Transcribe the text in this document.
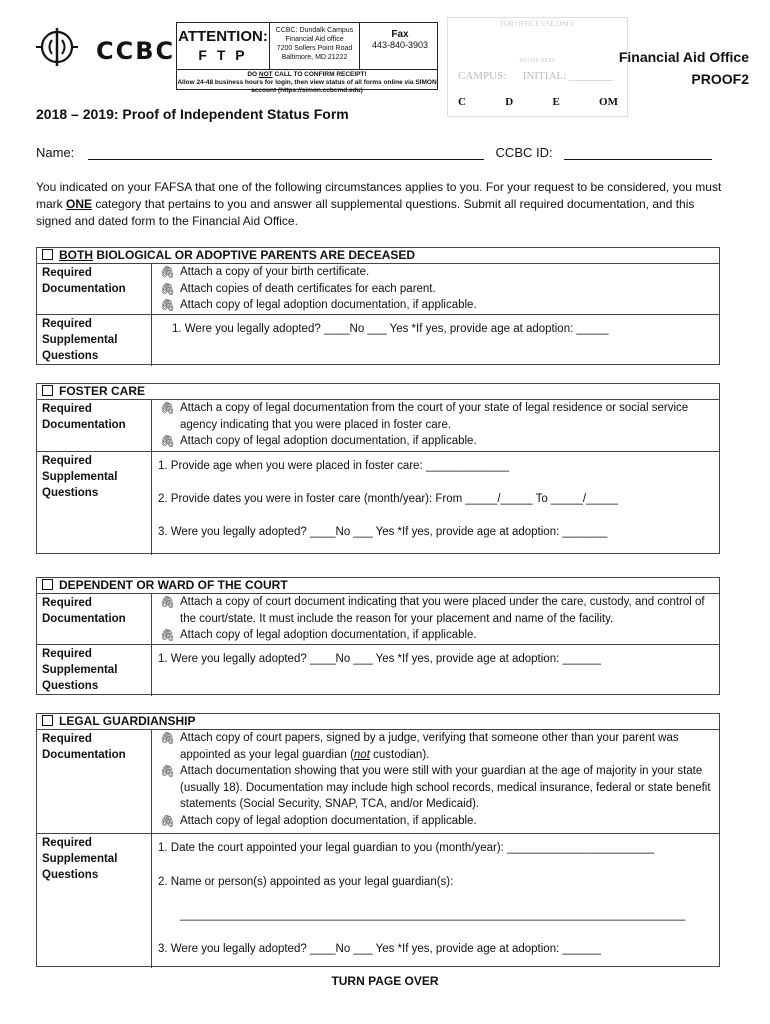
CCBC
ATTENTION:
F T P
CCBC: Dundalk Campus
Financial Aid office
7200 Sollers Point Road
Baltimore, MD 21222
Fax
443-840-3903
DO NOT CALL TO CONFIRM RECEIPT!
Allow 24-48 business hours for login, then view status of all forms online via SIMON account (https://simon.ccbcmd.edu)
FOR OFFICE USE ONLY
STAMP HERE
CAMPUS: INITIAL: ________
C	D	E	OM
Financial Aid Office
PROOF2
2018 – 2019: Proof of Independent Status Form
Name:	CCBC ID:
You indicated on your FAFSA that one of the following circumstances applies to you. For your request to be considered, you must mark ONE category that pertains to you and answer all supplemental questions. Submit all required documentation, and this signed and dated form to the Financial Aid Office.
BOTH BIOLOGICAL OR ADOPTIVE PARENTS ARE DECEASED
Required Documentation
🖇 Attach a copy of your birth certificate.
🖇 Attach copies of death certificates for each parent.
🖇 Attach copy of legal adoption documentation, if applicable.
Required Supplemental Questions
1. Were you legally adopted? ____No ___ Yes *If yes, provide age at adoption: _____
FOSTER CARE
Required Documentation
🖇 Attach a copy of legal documentation from the court of your state of legal residence or social service agency indicating that you were placed in foster care.
🖇 Attach copy of legal adoption documentation, if applicable.
Required Supplemental Questions
1. Provide age when you were placed in foster care: _____________
2. Provide dates you were in foster care (month/year): From _____/_____ To _____/_____
3. Were you legally adopted? ____No ___ Yes *If yes, provide age at adoption: _______
DEPENDENT OR WARD OF THE COURT
Required Documentation
🖇 Attach a copy of court document indicating that you were placed under the care, custody, and control of the court/state. It must include the reason for your placement and name of the facility.
🖇 Attach copy of legal adoption documentation, if applicable.
Required Supplemental Questions
1. Were you legally adopted? ____No ___ Yes *If yes, provide age at adoption: ______
LEGAL GUARDIANSHIP
Required Documentation
🖇 Attach copy of court papers, signed by a judge, verifying that someone other than your parent was appointed as your legal guardian (not custodian).
🖇 Attach documentation showing that you were still with your guardian at the age of majority in your state (usually 18). Documentation may include high school records, medical insurance, federal or state benefit statements (Social Security, SNAP, TCA, and/or Medicaid).
🖇 Attach copy of legal adoption documentation, if applicable.
Required Supplemental Questions
1. Date the court appointed your legal guardian to you (month/year): _______________________
2. Name or person(s) appointed as your legal guardian(s):
_______________________________________________________________________________
3. Were you legally adopted? ____No ___ Yes *If yes, provide age at adoption: ______
TURN PAGE OVER
